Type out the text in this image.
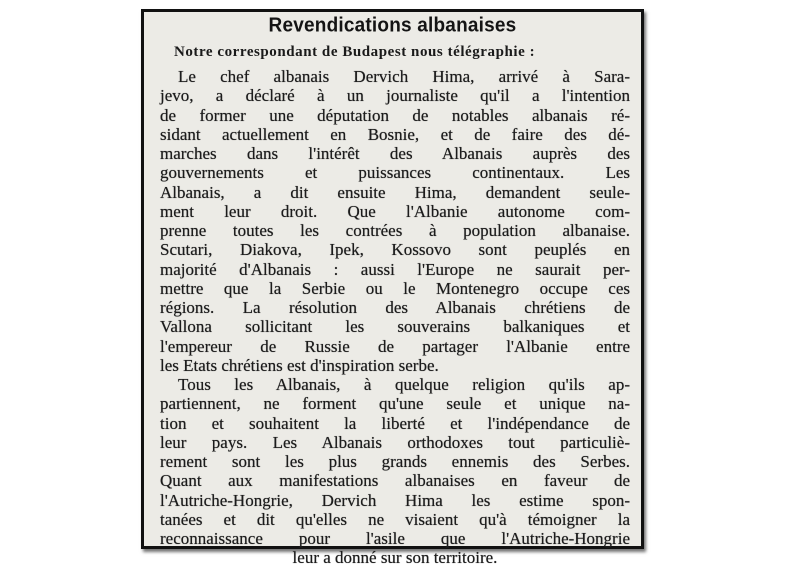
Revendications albanaises
Notre correspondant de Budapest nous télégraphie :
Le chef albanais Dervich Hima, arrivé à Sara-
jevo, a déclaré à un journaliste qu'il a l'intention
de former une députation de notables albanais ré-
sidant actuellement en Bosnie, et de faire des dé-
marches dans l'intérêt des Albanais auprès des
gouvernements et puissances continentaux. Les
Albanais, a dit ensuite Hima, demandent seule-
ment leur droit. Que l'Albanie autonome com-
prenne toutes les contrées à population albanaise.
Scutari, Diakova, Ipek, Kossovo sont peuplés en
majorité d'Albanais : aussi l'Europe ne saurait per-
mettre que la Serbie ou le Montenegro occupe ces
régions. La résolution des Albanais chrétiens de
Vallona sollicitant les souverains balkaniques et
l'empereur de Russie de partager l'Albanie entre
les Etats chrétiens est d'inspiration serbe.
Tous les Albanais, à quelque religion qu'ils ap-
partiennent, ne forment qu'une seule et unique na-
tion et souhaitent la liberté et l'indépendance de
leur pays. Les Albanais orthodoxes tout particuliè-
rement sont les plus grands ennemis des Serbes.
Quant aux manifestations albanaises en faveur de
l'Autriche-Hongrie, Dervich Hima les estime spon-
tanées et dit qu'elles ne visaient qu'à témoigner la
reconnaissance pour l'asile que l'Autriche-Hongrie
leur a donné sur son territoire.
